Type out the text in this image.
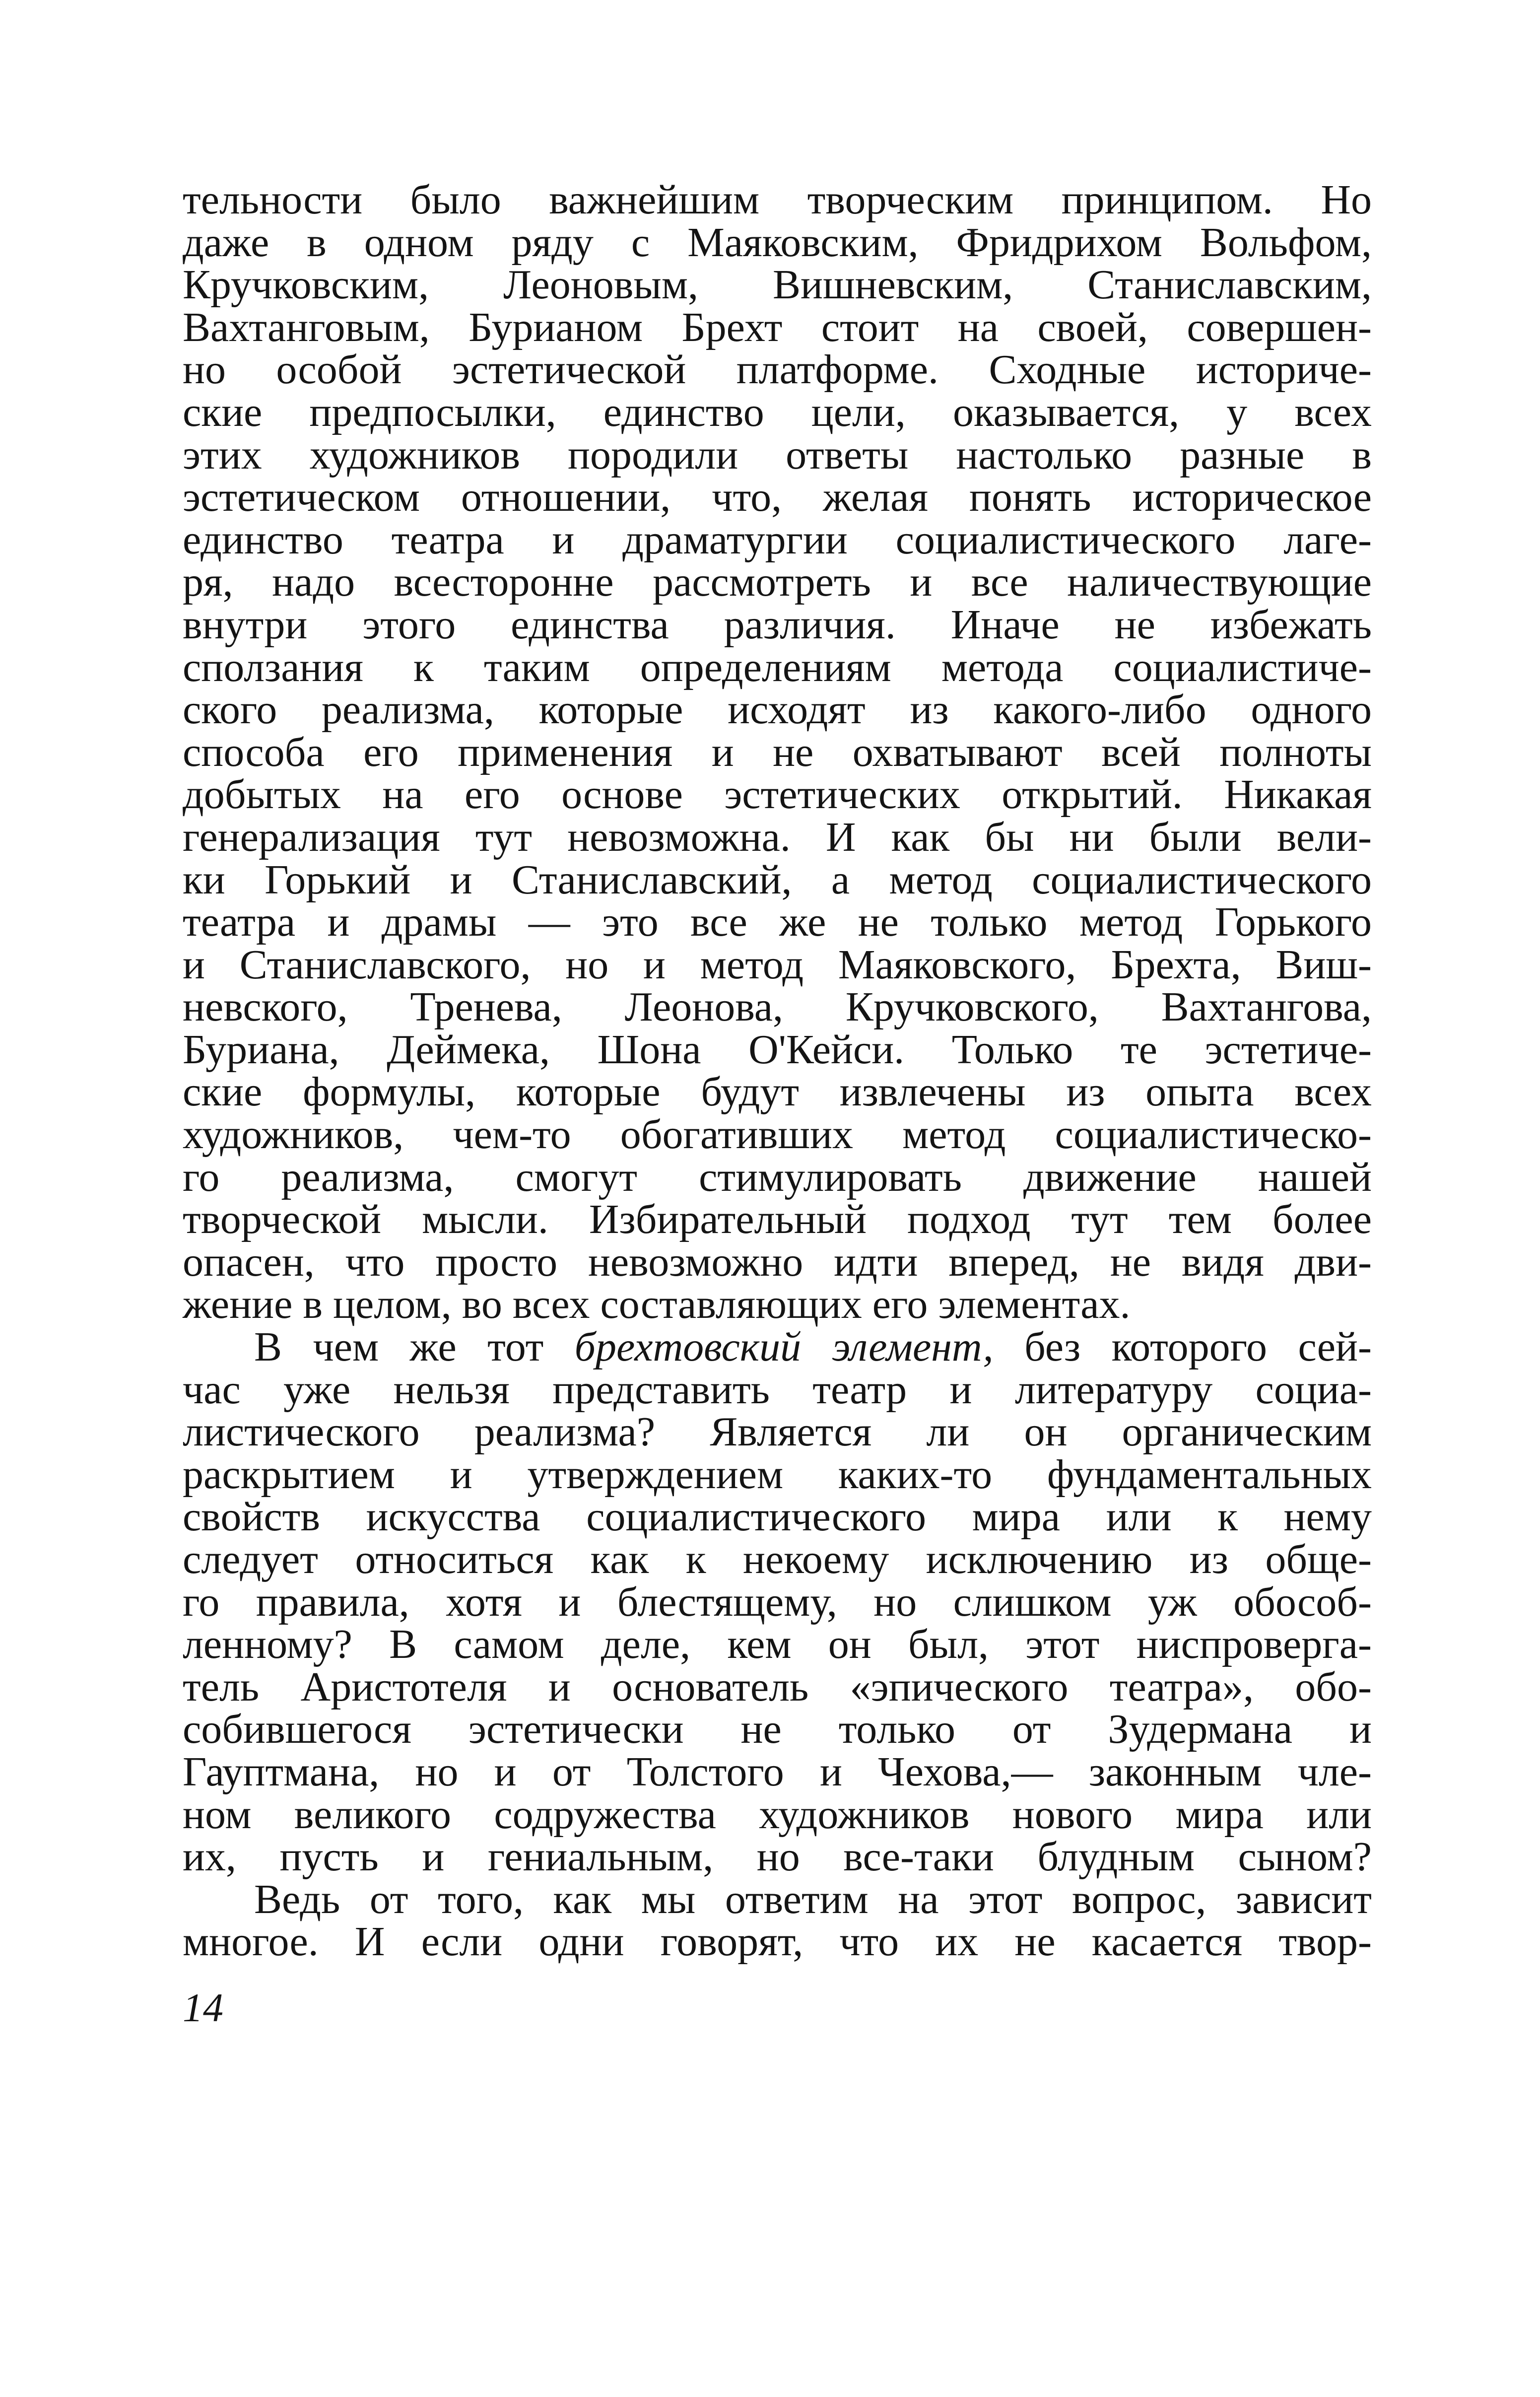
тельности было важнейшим творческим принципом. Но
даже в одном ряду с Маяковским, Фридрихом Вольфом,
Кручковским, Леоновым, Вишневским, Станиславским,
Вахтанговым, Бурианом Брехт стоит на своей, совершен-
но особой эстетической платформе. Сходные историче-
ские предпосылки, единство цели, оказывается, у всех
этих художников породили ответы настолько разные в
эстетическом отношении, что, желая понять историческое
единство театра и драматургии социалистического лаге-
ря, надо всесторонне рассмотреть и все наличествующие
внутри этого единства различия. Иначе не избежать
сползания к таким определениям метода социалистиче-
ского реализма, которые исходят из какого-либо одного
способа его применения и не охватывают всей полноты
добытых на его основе эстетических открытий. Никакая
генерализация тут невозможна. И как бы ни были вели-
ки Горький и Станиславский, а метод социалистического
театра и драмы — это все же не только метод Горького
и Станиславского, но и метод Маяковского, Брехта, Виш-
невского, Тренева, Леонова, Кручковского, Вахтангова,
Буриана, Деймека, Шона О'Кейси. Только те эстетиче-
ские формулы, которые будут извлечены из опыта всех
художников, чем-то обогативших метод социалистическо-
го реализма, смогут стимулировать движение нашей
творческой мысли. Избирательный подход тут тем более
опасен, что просто невозможно идти вперед, не видя дви-
жение в целом, во всех составляющих его элементах.
В чем же тот брехтовский элемент, без которого сей-
час уже нельзя представить театр и литературу социа-
листического реализма? Является ли он органическим
раскрытием и утверждением каких-то фундаментальных
свойств искусства социалистического мира или к нему
следует относиться как к некоему исключению из обще-
го правила, хотя и блестящему, но слишком уж обособ-
ленному? В самом деле, кем он был, этот ниспроверга-
тель Аристотеля и основатель «эпического театра», обо-
собившегося эстетически не только от Зудермана и
Гауптмана, но и от Толстого и Чехова,— законным чле-
ном великого содружества художников нового мира или
их, пусть и гениальным, но все-таки блудным сыном?
Ведь от того, как мы ответим на этот вопрос, зависит
многое. И если одни говорят, что их не касается твор-
14
